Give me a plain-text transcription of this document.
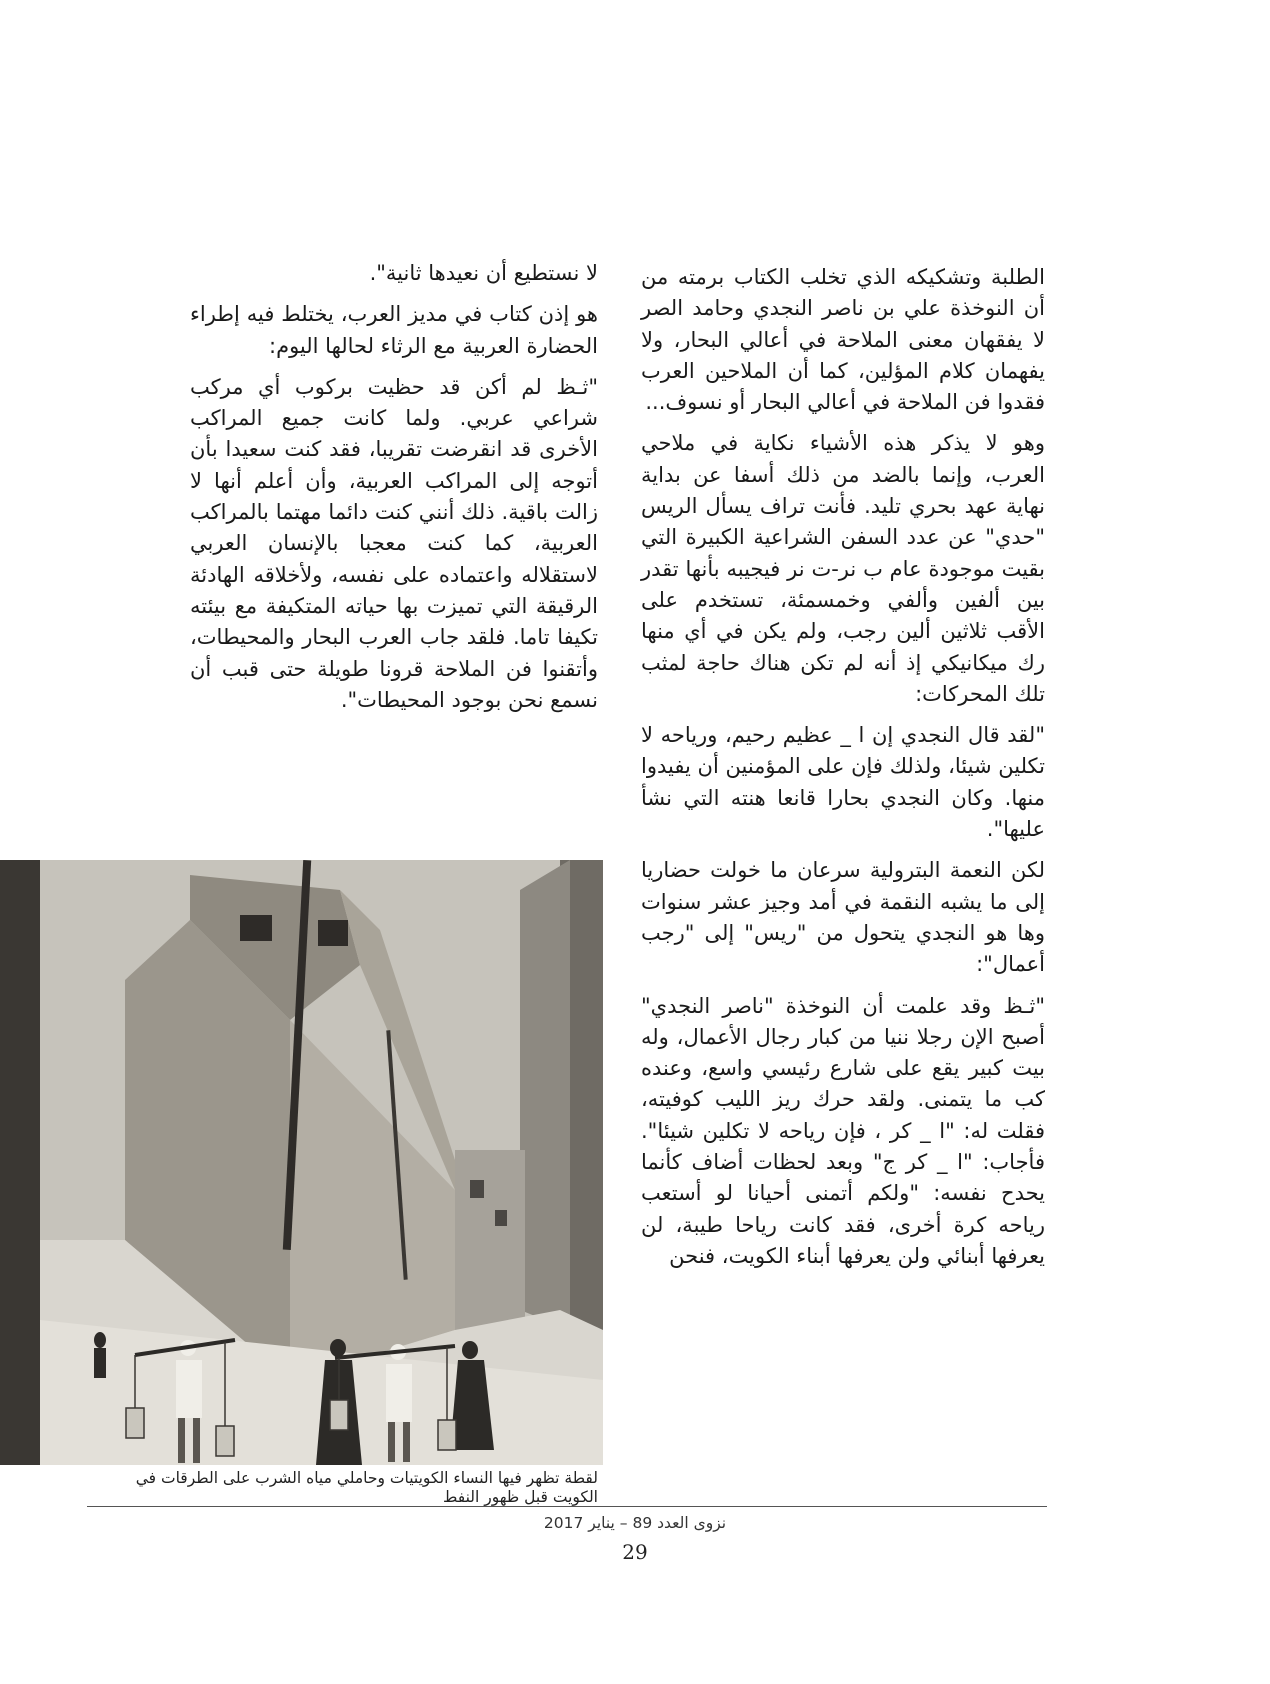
الطلبة وتشكيكه الذي تخلب الكتاب برمته من أن النوخذة علي بن ناصر النجدي وحامد الصر لا يفقهان معنى الملاحة في أعالي البحار، ولا يفهمان كلام المؤلين، كما أن الملاحين العرب فقدوا فن الملاحة في أعالي البحار أو نسوف...

وهو لا يذكر هذه الأشياء نكاية في ملاحي العرب، وإنما بالضد من ذلك أسفا عن بداية نهاية عهد بحري تليد. فأنت تراف يسأل الريس "حدي" عن عدد السفن الشراعية الكبيرة التي بقيت موجودة عام ب نر-ت نر فيجيبه بأنها تقدر بين ألفين وألفي وخمسمئة، تستخدم على الأقب ثلاثين ألين رجب، ولم يكن في أي منها رك ميكانيكي إذ أنه لم تكن هناك حاجة لمثب تلك المحركات:

"لقد قال النجدي إن ا _ عظيم رحيم، ورياحه لا تكلين شيئا، ولذلك فإن على المؤمنين أن يفيدوا منها. وكان النجدي بحارا قانعا هنته التي نشأ عليها".

لكن النعمة البترولية سرعان ما خولت حضاريا إلى ما يشبه النقمة في أمد وجيز عشر سنوات وها هو النجدي يتحول من "ريس" إلى "رجب أعمال":

"ثـظ وقد علمت أن النوخذة "ناصر النجدي" أصبح الإن رجلا ننيا من كبار رجال الأعمال، وله بيت كبير يقع على شارع رئيسي واسع، وعنده كب ما يتمنى. ولقد حرك ريز الليب كوفيته، فقلت له: "ا _ كر ، فإن رياحه لا تكلين شيئا". فأجاب: "ا _ كر ج" وبعد لحظات أضاف كأنما يحدح نفسه: "ولكم أتمنى أحيانا لو أستعب رياحه كرة أخرى، فقد كانت رياحا طيبة، لن يعرفها أبنائي ولن يعرفها أبناء الكويت، فنحن

لا نستطيع أن نعيدها ثانية".

هو إذن كتاب في مديز العرب، يختلط فيه إطراء الحضارة العربية مع الرثاء لحالها اليوم:

"ثـظ لم أكن قد حظيت بركوب أي مركب شراعي عربي. ولما كانت جميع المراكب الأخرى قد انقرضت تقريبا، فقد كنت سعيدا بأن أتوجه إلى المراكب العربية، وأن أعلم أنها لا زالت باقية. ذلك أنني كنت دائما مهتما بالمراكب العربية، كما كنت معجبا بالإنسان العربي لاستقلاله واعتماده على نفسه، ولأخلاقه الهادئة الرقيقة التي تميزت بها حياته المتكيفة مع بيئته تكيفا تاما. فلقد جاب العرب البحار والمحيطات، وأتقنوا فن الملاحة قرونا طويلة حتى قبب أن نسمع نحن بوجود المحيطات".

لقطة تظهر فيها النساء الكويتيات وحاملي مياه الشرب على الطرقات في الكويت قبل ظهور النفط
نزوى العدد 89 – يناير 2017
29
